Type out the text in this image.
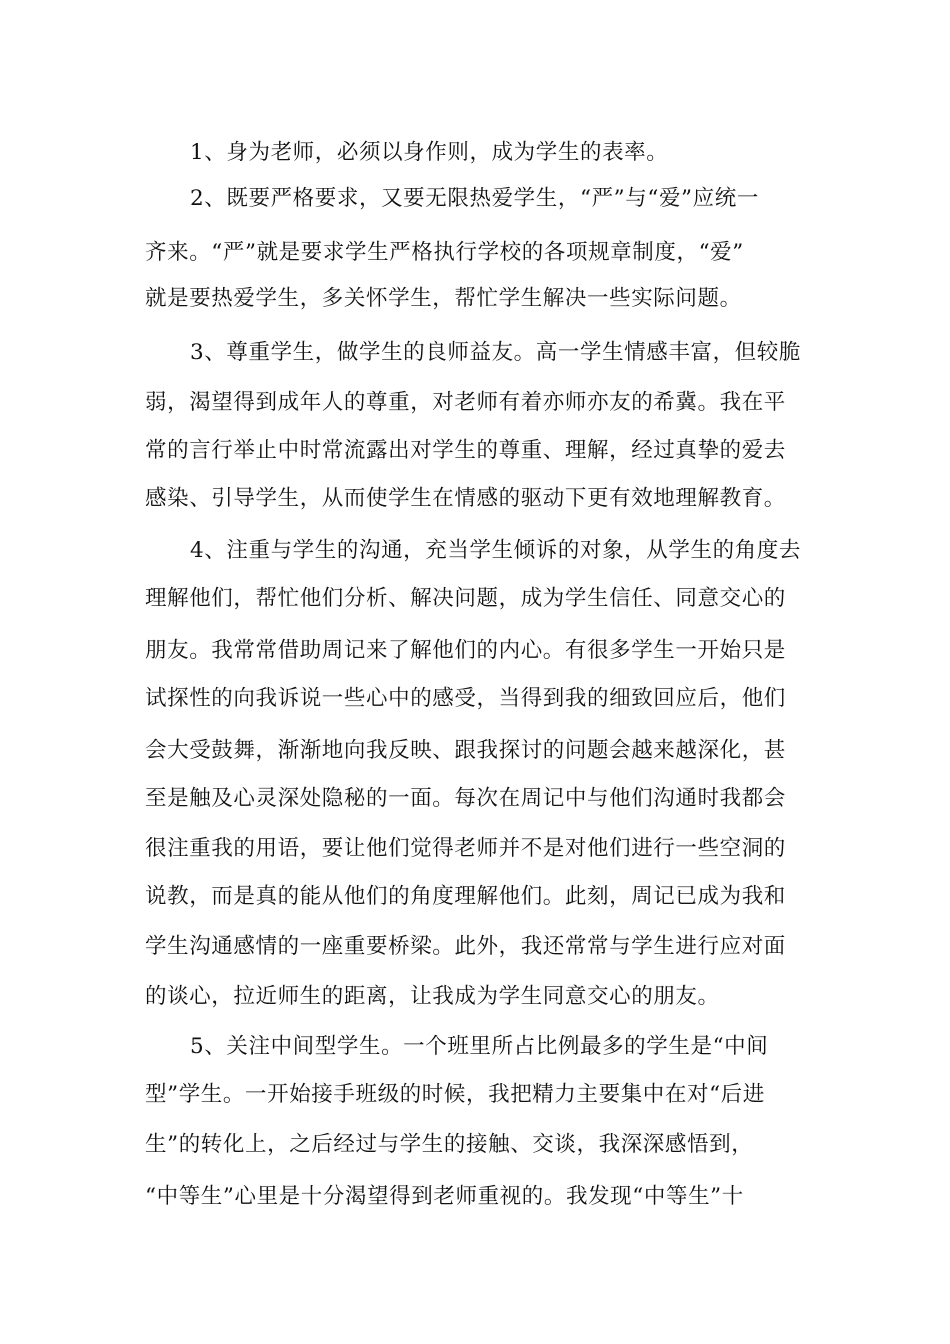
1、身为老师，必须以身作则，成为学生的表率。
2、既要严格要求，又要无限热爱学生，“严”与“爱”应统一
齐来。“严”就是要求学生严格执行学校的各项规章制度，“爱”
就是要热爱学生，多关怀学生，帮忙学生解决一些实际问题。
3、尊重学生，做学生的良师益友。高一学生情感丰富，但较脆
弱，渴望得到成年人的尊重，对老师有着亦师亦友的希冀。我在平
常的言行举止中时常流露出对学生的尊重、理解，经过真挚的爱去
感染、引导学生，从而使学生在情感的驱动下更有效地理解教育。
4、注重与学生的沟通，充当学生倾诉的对象，从学生的角度去
理解他们，帮忙他们分析、解决问题，成为学生信任、同意交心的
朋友。我常常借助周记来了解他们的内心。有很多学生一开始只是
试探性的向我诉说一些心中的感受，当得到我的细致回应后，他们
会大受鼓舞，渐渐地向我反映、跟我探讨的问题会越来越深化，甚
至是触及心灵深处隐秘的一面。每次在周记中与他们沟通时我都会
很注重我的用语，要让他们觉得老师并不是对他们进行一些空洞的
说教，而是真的能从他们的角度理解他们。此刻，周记已成为我和
学生沟通感情的一座重要桥梁。此外，我还常常与学生进行应对面
的谈心，拉近师生的距离，让我成为学生同意交心的朋友。
5、关注中间型学生。一个班里所占比例最多的学生是“中间
型”学生。一开始接手班级的时候，我把精力主要集中在对“后进
生”的转化上，之后经过与学生的接触、交谈，我深深感悟到，
“中等生”心里是十分渴望得到老师重视的。我发现“中等生”十
